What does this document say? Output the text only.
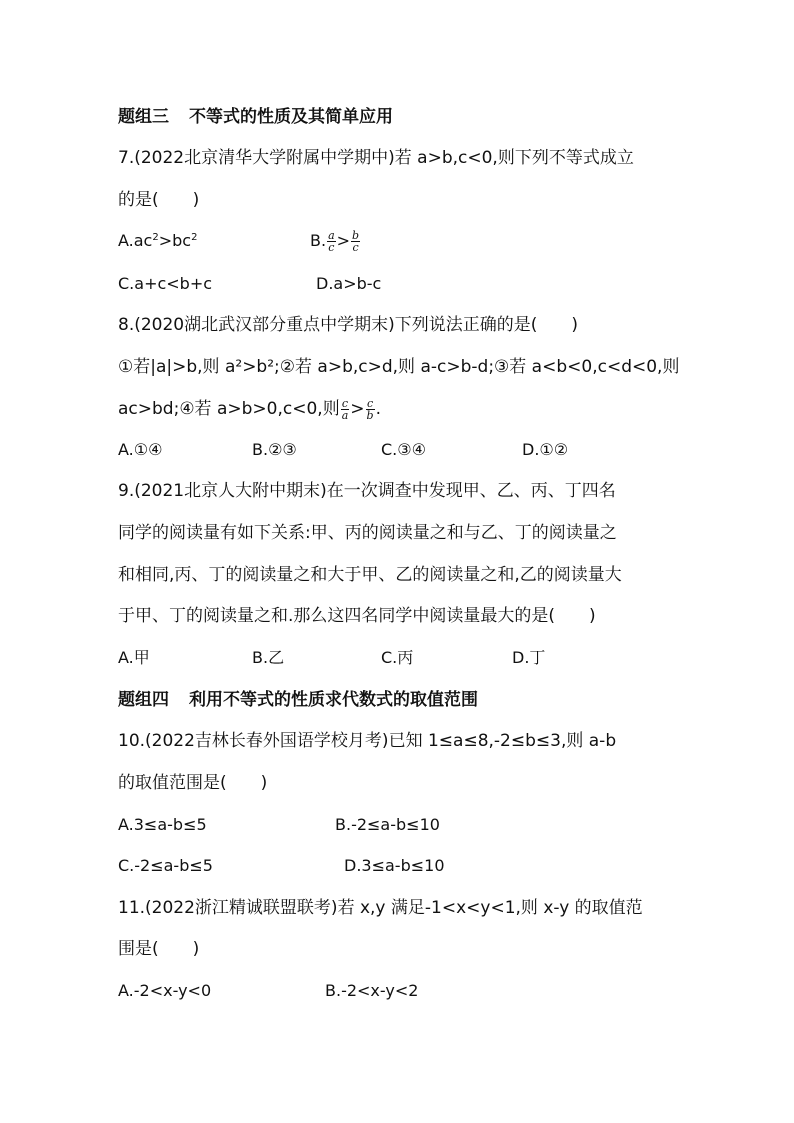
题组三 不等式的性质及其简单应用
7.(2022北京清华大学附属中学期中)若 a>b,c<0,则下列不等式成立
的是(　　)
$A.ac^2>bc^2$	B. $\frac{a}{c} > \frac{b}{c}$
C.a+c<b+c	D.a>b-c
8.(2020湖北武汉部分重点中学期末)下列说法正确的是(　　)
①若|a|>b,则 a²>b²;②若 a>b,c>d,则 a-c>b-d;③若 a<b<0,c<d<0,则
ac>bd;④若 a>b>0,c<0,则 $\frac{c}{a} > \frac{c}{b}$ .
A.①④	B.②③	C.③④	D.①②
9.(2021北京人大附中期末)在一次调查中发现甲、乙、丙、丁四名
同学的阅读量有如下关系:甲、丙的阅读量之和与乙、丁的阅读量之
和相同,丙、丁的阅读量之和大于甲、乙的阅读量之和,乙的阅读量大
于甲、丁的阅读量之和.那么这四名同学中阅读量最大的是(　　)
A.甲	B.乙	C.丙	D.丁
题组四 利用不等式的性质求代数式的取值范围
10.(2022吉林长春外国语学校月考)已知 1≤a≤8,-2≤b≤3,则 a-b
的取值范围是(　　)
A.3≤a-b≤5	B.-2≤a-b≤10
C.-2≤a-b≤5	D.3≤a-b≤10
11.(2022浙江精诚联盟联考)若 x,y 满足-1<x<y<1,则 x-y 的取值范
围是(　　)
A.-2<x-y<0	B.-2<x-y<2
